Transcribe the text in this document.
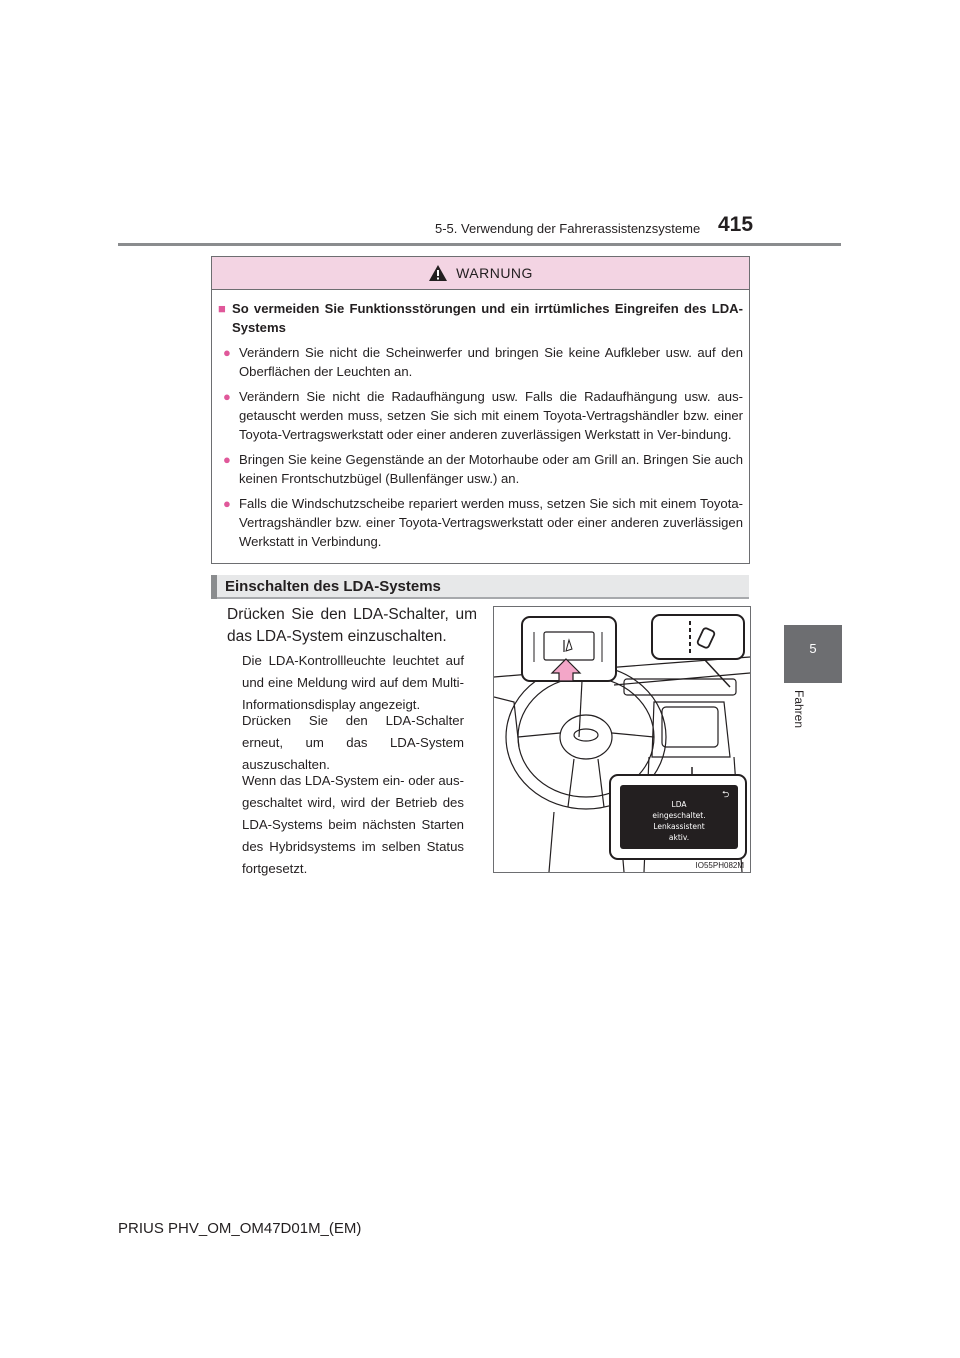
5-5. Verwendung der Fahrerassistenzsysteme 415
5
Fahren
WARNUNG
■ So vermeiden Sie Funktionsstörungen und ein irrtümliches Eingreifen des LDA-Systems
● Verändern Sie nicht die Scheinwerfer und bringen Sie keine Aufkleber usw. auf den Oberflächen der Leuchten an.
● Verändern Sie nicht die Radaufhängung usw. Falls die Radaufhängung usw. aus-getauscht werden muss, setzen Sie sich mit einem Toyota-Vertragshändler bzw. einer Toyota-Vertragswerkstatt oder einer anderen zuverlässigen Werkstatt in Ver-bindung.
● Bringen Sie keine Gegenstände an der Motorhaube oder am Grill an. Bringen Sie auch keinen Frontschutzbügel (Bullenfänger usw.) an.
● Falls die Windschutzscheibe repariert werden muss, setzen Sie sich mit einem Toyota-Vertragshändler bzw. einer Toyota-Vertragswerkstatt oder einer anderen zuverlässigen Werkstatt in Verbindung.
Einschalten des LDA-Systems
Drücken Sie den LDA-Schalter, um das LDA-System einzuschalten.
Die LDA-Kontrollleuchte leuchtet auf und eine Meldung wird auf dem Multi-Informationsdisplay angezeigt.
Drücken Sie den LDA-Schalter erneut, um das LDA-System auszuschalten.
Wenn das LDA-System ein- oder aus-geschaltet wird, wird der Betrieb des LDA-Systems beim nächsten Starten des Hybridsystems im selben Status fortgesetzt.
⮌
LDA
eingeschaltet.
Lenkassistent
aktiv.
IO55PH082M
PRIUS PHV_OM_OM47D01M_(EM)
